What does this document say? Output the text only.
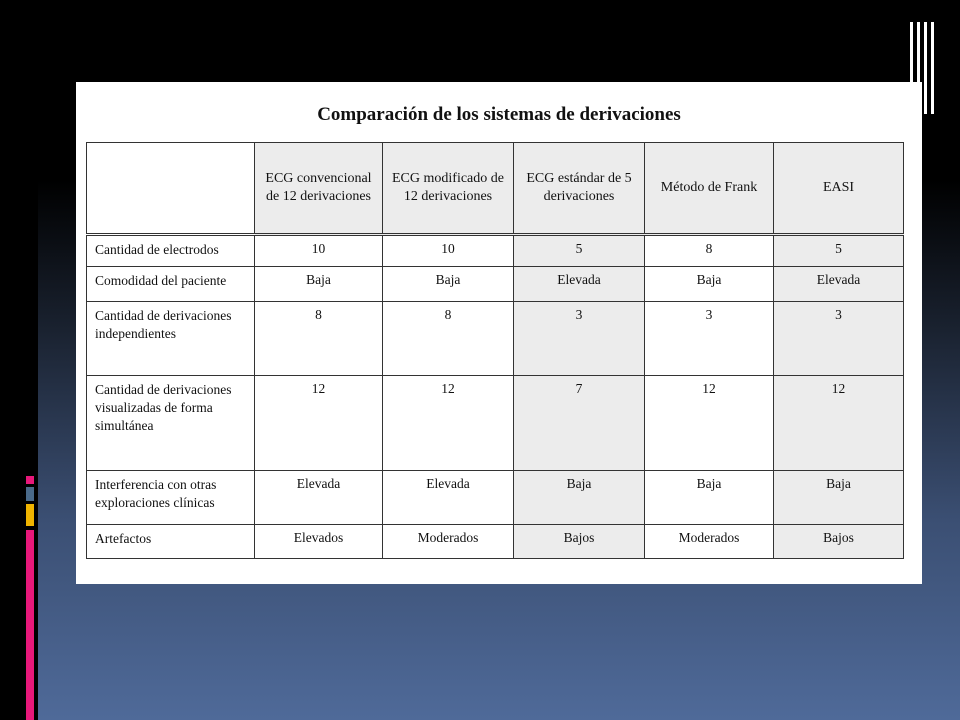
Comparación de los sistemas de derivaciones
	ECG convencional de 12 derivaciones	ECG modificado de 12 derivaciones	ECG estándar de 5 derivaciones	Método de Frank	EASI
Cantidad de electrodos	10	10	5	8	5
Comodidad del paciente	Baja	Baja	Elevada	Baja	Elevada
Cantidad de derivaciones independientes	8	8	3	3	3
Cantidad de derivaciones visualizadas de forma simultánea	12	12	7	12	12
Interferencia con otras exploraciones clínicas	Elevada	Elevada	Baja	Baja	Baja
Artefactos	Elevados	Moderados	Bajos	Moderados	Bajos
